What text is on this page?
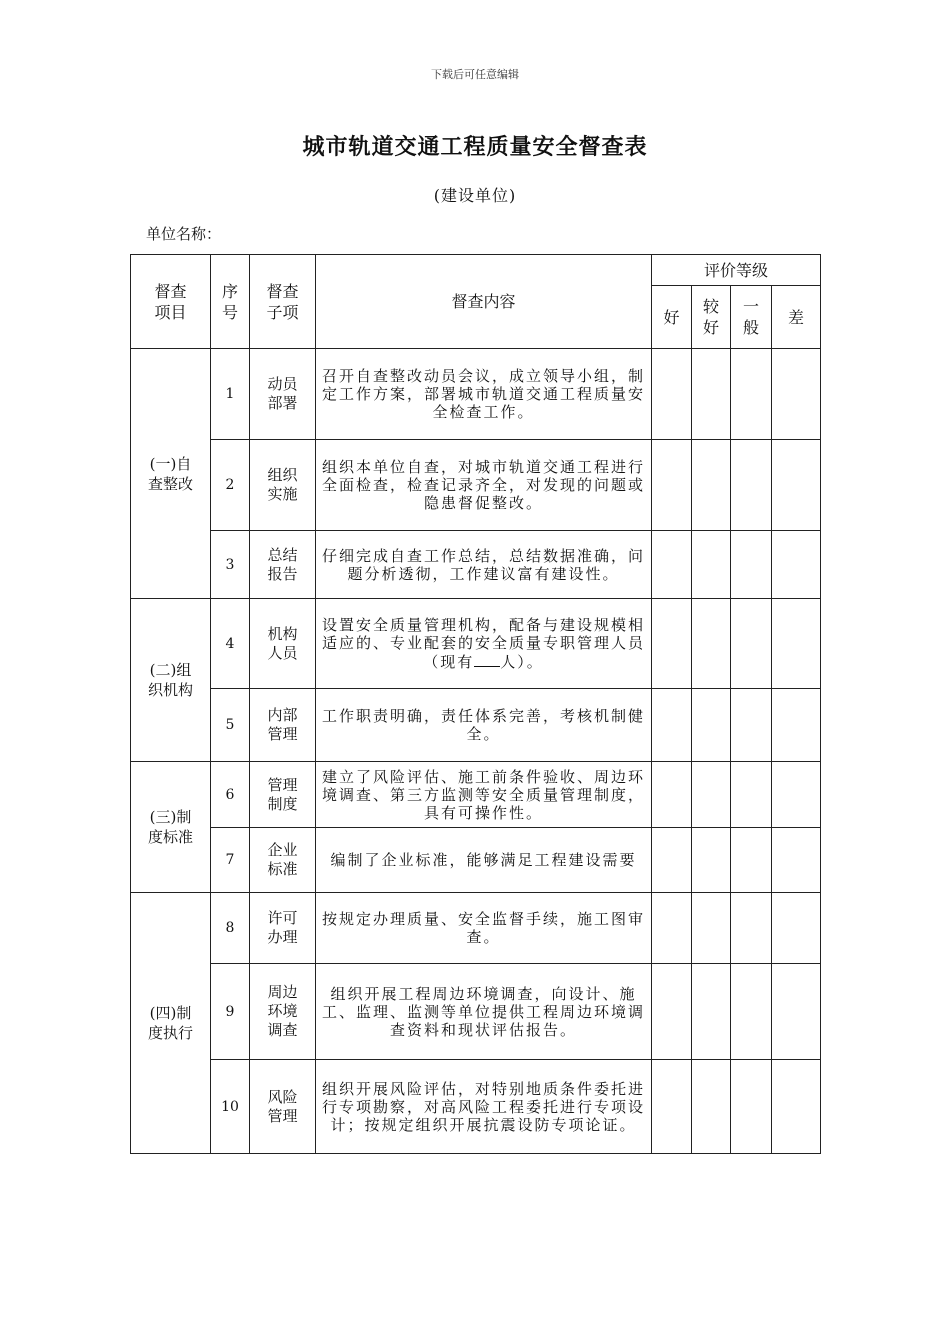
下载后可任意编辑
城市轨道交通工程质量安全督查表
(建设单位)
单位名称：
督查项目	序号	督查子项	督查内容	评价等级			
				好	较好	一般	差
(一)自查整改	1	动员部署	召开自查整改动员会议，成立领导小组，制定工作方案，部署城市轨道交通工程质量安全检查工作。				
	2	组织实施	组织本单位自查，对城市轨道交通工程进行全面检查，检查记录齐全，对发现的问题或隐患督促整改。				
	3	总结报告	仔细完成自查工作总结，总结数据准确，问题分析透彻，工作建议富有建设性。				
(二)组织机构	4	机构人员	设置安全质量管理机构，配备与建设规模相适应的、专业配套的安全质量专职管理人员（现有 人）。				
	5	内部管理	工作职责明确，责任体系完善，考核机制健全。				
(三)制度标准	6	管理制度	建立了风险评估、施工前条件验收、周边环境调查、第三方监测等安全质量管理制度，具有可操作性。				
	7	企业标准	编制了企业标准，能够满足工程建设需要				
(四)制度执行	8	许可办理	按规定办理质量、安全监督手续，施工图审查。				
	9	周边环境调查	组织开展工程周边环境调查，向设计、施工、监理、监测等单位提供工程周边环境调查资料和现状评估报告。				
	10	风险管理	组织开展风险评估，对特别地质条件委托进行专项勘察，对高风险工程委托进行专项设计；按规定组织开展抗震设防专项论证。				
